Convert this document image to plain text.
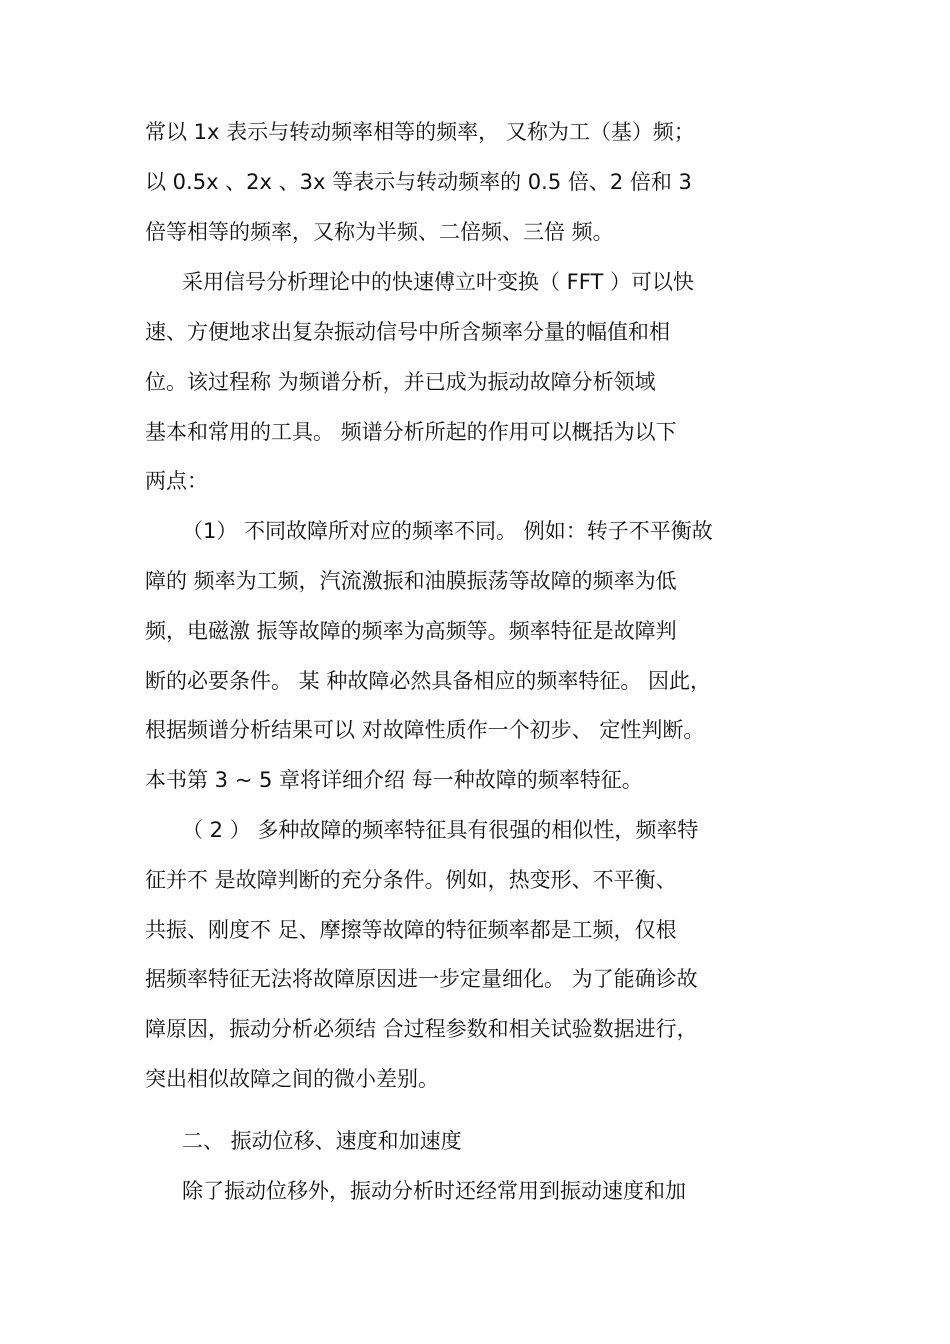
常以 1x 表示与转动频率相等的频率， 又称为工（基）频；
以 0.5x 、2x 、3x 等表示与转动频率的 0.5 倍、2 倍和 3
倍等相等的频率，又称为半频、二倍频、三倍 频。
采用信号分析理论中的快速傅立叶变换（ FFT ）可以快
速、方便地求出复杂振动信号中所含频率分量的幅值和相
位。该过程称 为频谱分析，并已成为振动故障分析领域
基本和常用的工具。 频谱分析所起的作用可以概括为以下
两点：
（1） 不同故障所对应的频率不同。 例如：转子不平衡故
障的 频率为工频，汽流激振和油膜振荡等故障的频率为低
频，电磁激 振等故障的频率为高频等。频率特征是故障判
断的必要条件。 某 种故障必然具备相应的频率特征。 因此，
根据频谱分析结果可以 对故障性质作一个初步、 定性判断。
本书第 3 ~ 5 章将详细介绍 每一种故障的频率特征。
（ 2 ） 多种故障的频率特征具有很强的相似性，频率特
征并不 是故障判断的充分条件。例如，热变形、不平衡、
共振、刚度不 足、摩擦等故障的特征频率都是工频，仅根
据频率特征无法将故障原因进一步定量细化。 为了能确诊故
障原因，振动分析必须结 合过程参数和相关试验数据进行，
突出相似故障之间的微小差别。
二、 振动位移、速度和加速度
除了振动位移外，振动分析时还经常用到振动速度和加
